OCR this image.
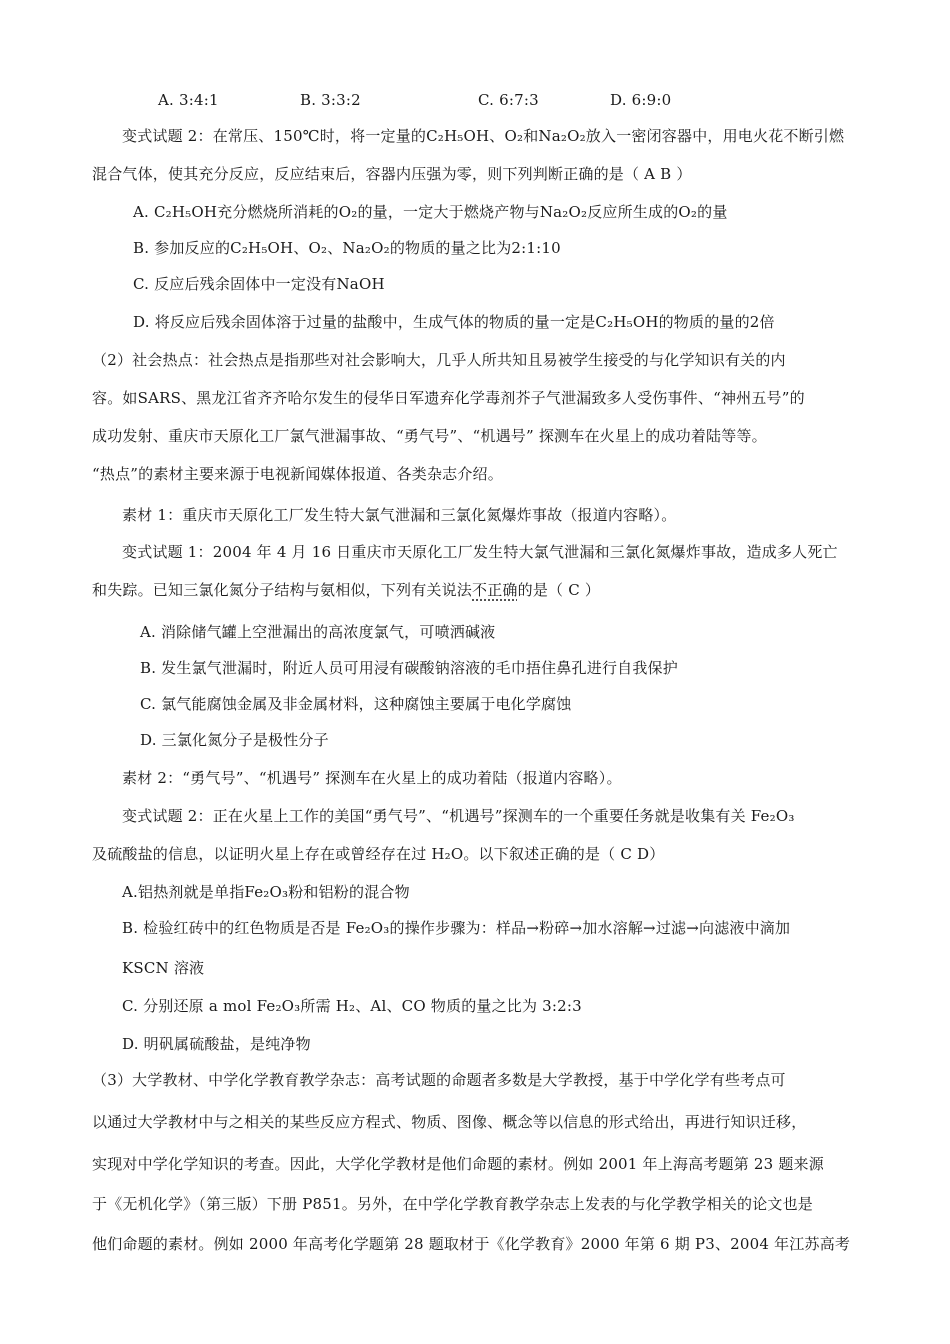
A. 3:4:1	B. 3:3:2	C. 6:7:3	D. 6:9:0
变式试题 2：在常压、150℃时，将一定量的C₂H₅OH、O₂和Na₂O₂放入一密闭容器中，用电火花不断引燃
混合气体，使其充分反应，反应结束后，容器内压强为零，则下列判断正确的是（ A B ）
A. C₂H₅OH充分燃烧所消耗的O₂的量，一定大于燃烧产物与Na₂O₂反应所生成的O₂的量
B. 参加反应的C₂H₅OH、O₂、Na₂O₂的物质的量之比为2:1:10
C. 反应后残余固体中一定没有NaOH
D. 将反应后残余固体溶于过量的盐酸中，生成气体的物质的量一定是C₂H₅OH的物质的量的2倍
（2）社会热点：社会热点是指那些对社会影响大，几乎人所共知且易被学生接受的与化学知识有关的内
容。如SARS、黑龙江省齐齐哈尔发生的侵华日军遗弃化学毒剂芥子气泄漏致多人受伤事件、“神州五号”的
成功发射、重庆市天原化工厂氯气泄漏事故、“勇气号”、“机遇号” 探测车在火星上的成功着陆等等。
“热点”的素材主要来源于电视新闻媒体报道、各类杂志介绍。
素材 1：重庆市天原化工厂发生特大氯气泄漏和三氯化氮爆炸事故（报道内容略）。
变式试题 1：2004 年 4 月 16 日重庆市天原化工厂发生特大氯气泄漏和三氯化氮爆炸事故，造成多人死亡
和失踪。已知三氯化氮分子结构与氨相似，下列有关说法不正确的是（ C ）
A. 消除储气罐上空泄漏出的高浓度氯气，可喷洒碱液
B. 发生氯气泄漏时，附近人员可用浸有碳酸钠溶液的毛巾捂住鼻孔进行自我保护
C. 氯气能腐蚀金属及非金属材料，这种腐蚀主要属于电化学腐蚀
D. 三氯化氮分子是极性分子
素材 2：“勇气号”、“机遇号” 探测车在火星上的成功着陆（报道内容略）。
变式试题 2：正在火星上工作的美国“勇气号”、“机遇号”探测车的一个重要任务就是收集有关 Fe₂O₃
及硫酸盐的信息，以证明火星上存在或曾经存在过 H₂O。以下叙述正确的是（ C D）
A.铝热剂就是单指Fe₂O₃粉和铝粉的混合物
B. 检验红砖中的红色物质是否是 Fe₂O₃的操作步骤为：样品→粉碎→加水溶解→过滤→向滤液中滴加
KSCN 溶液
C. 分别还原 a mol Fe₂O₃所需 H₂、Al、CO 物质的量之比为 3:2:3
D. 明矾属硫酸盐，是纯净物
（3）大学教材、中学化学教育教学杂志：高考试题的命题者多数是大学教授，基于中学化学有些考点可
以通过大学教材中与之相关的某些反应方程式、物质、图像、概念等以信息的形式给出，再进行知识迁移，
实现对中学化学知识的考查。因此，大学化学教材是他们命题的素材。例如 2001 年上海高考题第 23 题来源
于《无机化学》（第三版）下册 P851。另外，在中学化学教育教学杂志上发表的与化学教学相关的论文也是
他们命题的素材。例如 2000 年高考化学题第 28 题取材于《化学教育》2000 年第 6 期 P3、2004 年江苏高考
